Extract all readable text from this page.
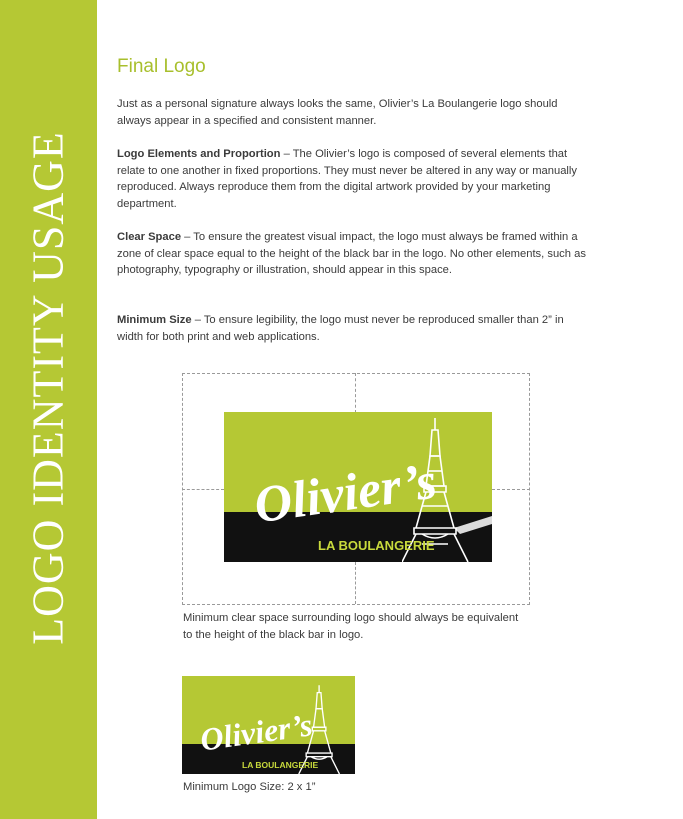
LOGO IDENTITY USAGE
Final Logo

Just as a personal signature always looks the same, Olivier’s La Boulangerie logo should always appear in a specified and consistent manner.

Logo Elements and Proportion – The Olivier’s logo is composed of several elements that relate to one another in fixed proportions. They must never be altered in any way or manually reproduced. Always reproduce them from the digital artwork provided by your marketing department.

Clear Space – To ensure the greatest visual impact, the logo must always be framed within a zone of clear space equal to the height of the black bar in the logo. No other elements, such as photography, typography or illustration, should appear in this space.

Minimum Size – To ensure legibility, the logo must never be reproduced smaller than 2” in width for both print and web applications.

Olivier’s
LA BOULANGERIE

Minimum clear space surrounding logo should always be equivalent to the height of the black bar in logo.

Olivier’s
LA BOULANGERIE

Minimum Logo Size: 2 x 1”
